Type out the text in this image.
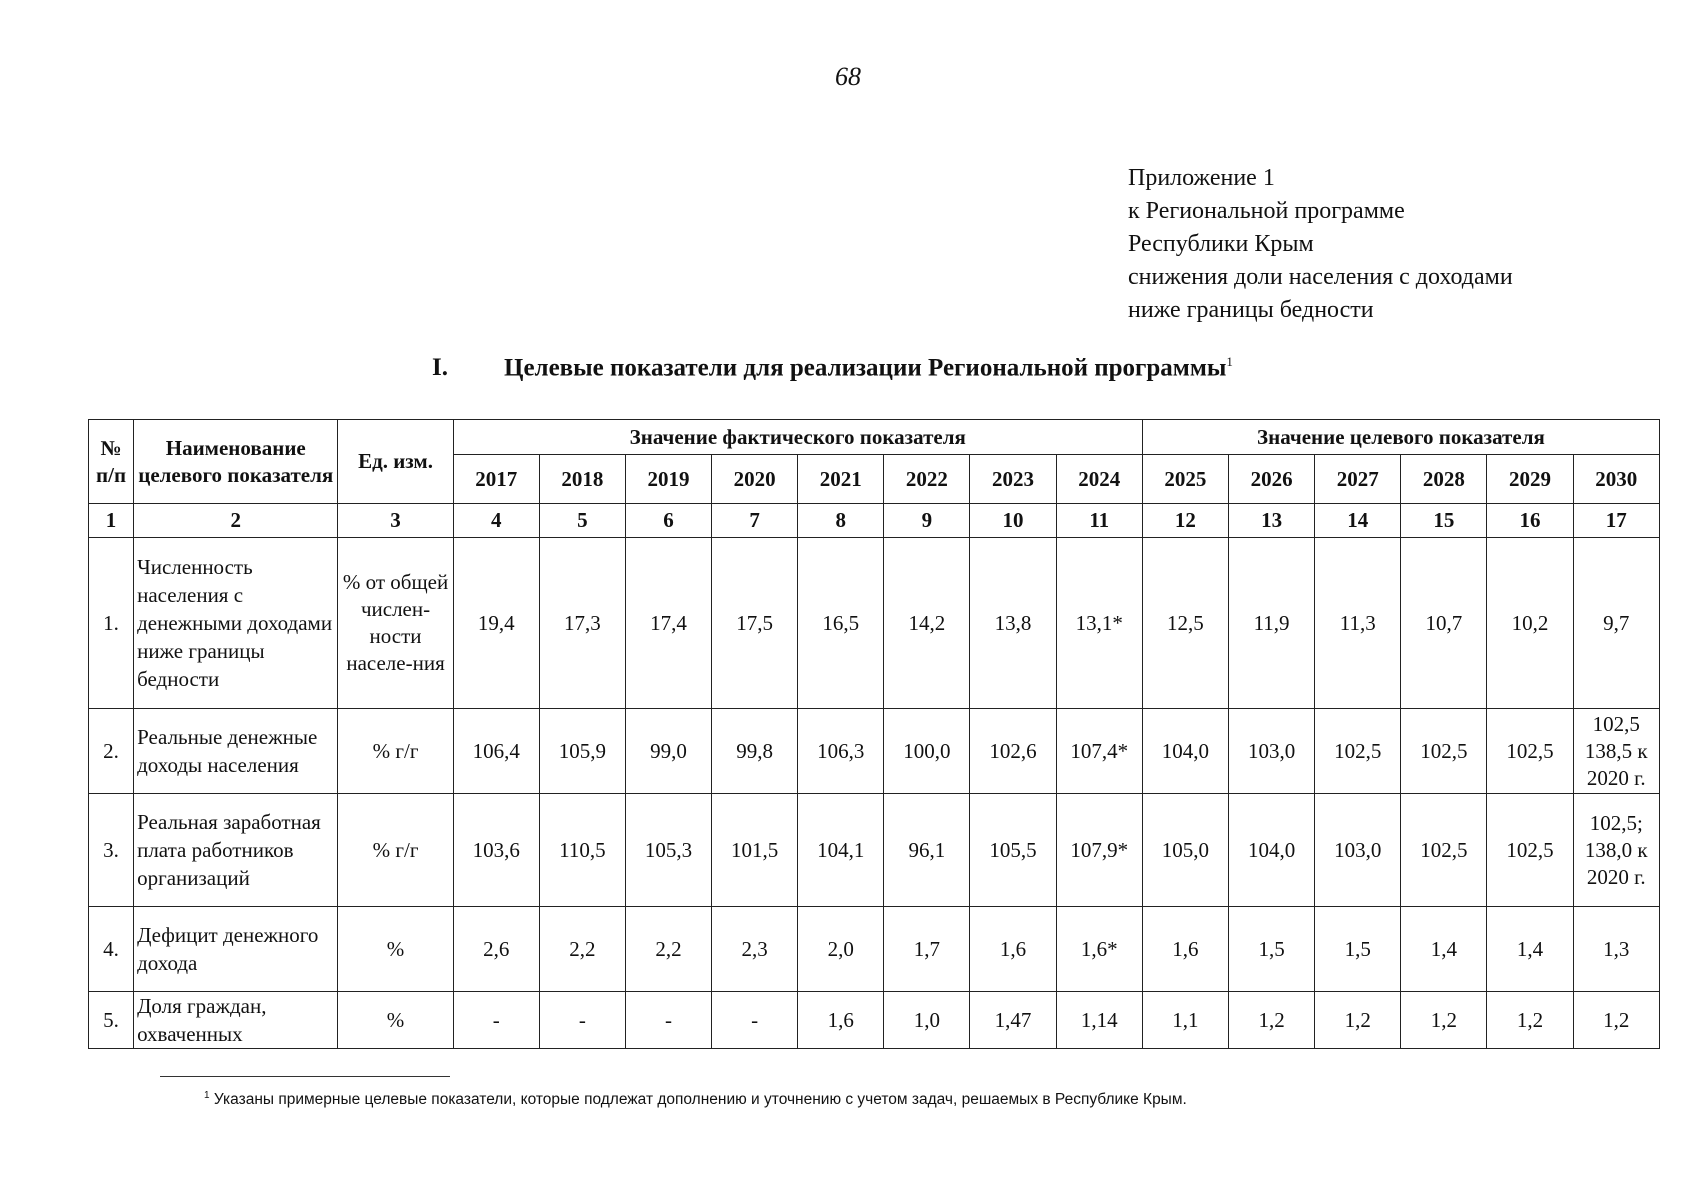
68
Приложение 1
к Региональной программе
Республики Крым
снижения доли населения с доходами
ниже границы бедности
I. Целевые показатели для реализации Региональной программы$^1$
№ п/п	Наименование целевого показателя	Ед. изм.	Значение фактического показателя								Значение целевого показателя					
			2017	2018	2019	2020	2021	2022	2023	2024	2025	2026	2027	2028	2029	2030
1	2	3	4	5	6	7	8	9	10	11	12	13	14	15	16	17
1.	Численность населения с денежными доходами ниже границы бедности	% от общей числен-ности населе-ния	19,4	17,3	17,4	17,5	16,5	14,2	13,8	13,1*	12,5	11,9	11,3	10,7	10,2	9,7
2.	Реальные денежные доходы населения	% г/г	106,4	105,9	99,0	99,8	106,3	100,0	102,6	107,4*	104,0	103,0	102,5	102,5	102,5	102,5 138,5 к 2020 г.
3.	Реальная заработная плата работников организаций	% г/г	103,6	110,5	105,3	101,5	104,1	96,1	105,5	107,9*	105,0	104,0	103,0	102,5	102,5	102,5; 138,0 к 2020 г.
4.	Дефицит денежного дохода	%	2,6	2,2	2,2	2,3	2,0	1,7	1,6	1,6*	1,6	1,5	1,5	1,4	1,4	1,3
5.	Доля граждан, охваченных	%	-	-	-	-	1,6	1,0	1,47	1,14	1,1	1,2	1,2	1,2	1,2	1,2
$^1$ Указаны примерные целевые показатели, которые подлежат дополнению и уточнению с учетом задач, решаемых в Республике Крым.
